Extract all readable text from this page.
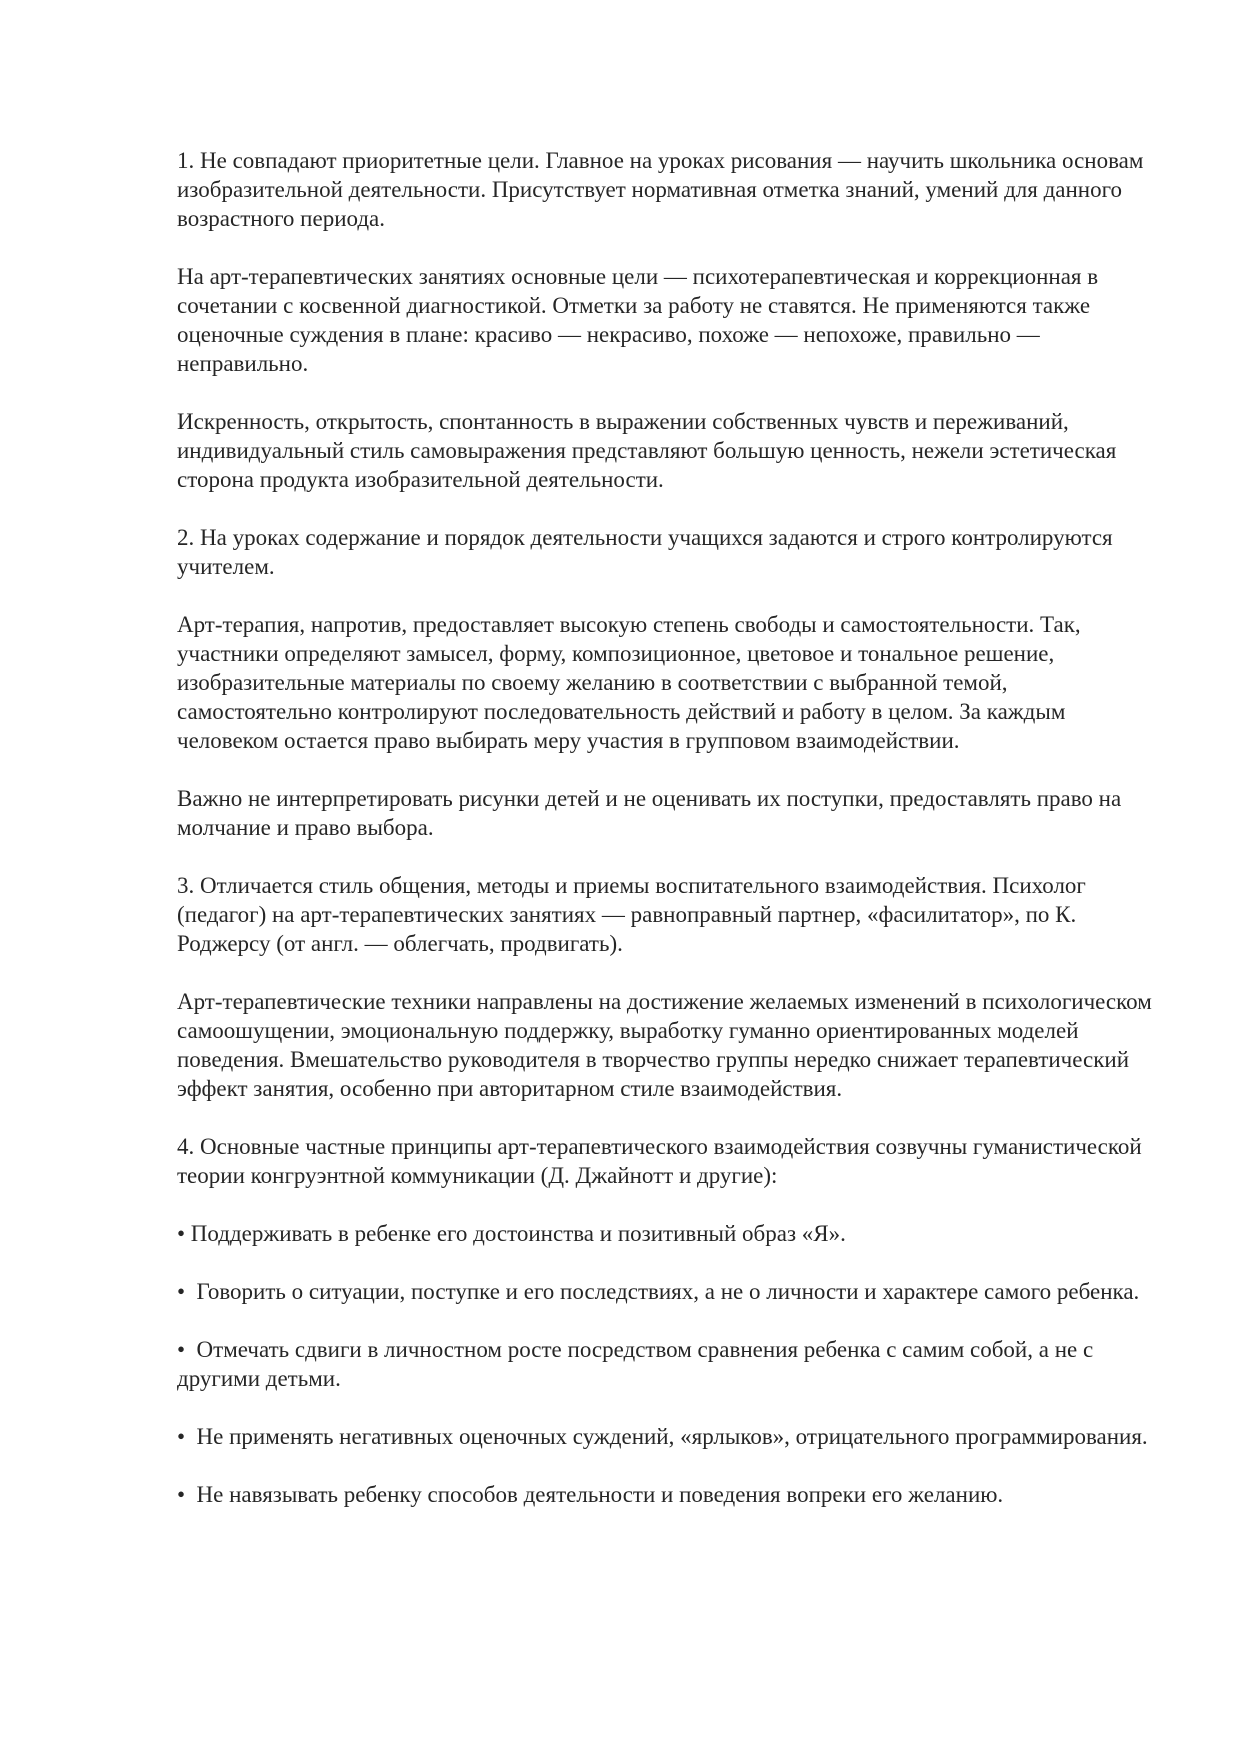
1. Не совпадают приоритетные цели. Главное на уроках рисования — научить школьника основам изобразительной деятельности. Присутствует нормативная отметка знаний, умений для данного возрастного периода.

На арт-терапевтических занятиях основные цели — психотерапевтическая и коррекционная в сочетании с косвенной диагностикой. Отметки за работу не ставятся. Не применяются также оценочные суждения в плане: красиво — некрасиво, похоже — непохоже, правильно — неправильно.

Искренность, открытость, спонтанность в выражении собственных чувств и переживаний, индивидуальный стиль самовыражения представляют большую ценность, нежели эстетическая сторона продукта изобразительной деятельности.

2. На уроках содержание и порядок деятельности учащихся задаются и строго контролируются учителем.

Арт-терапия, напротив, предоставляет высокую степень свободы и самостоятельности. Так, участники определяют замысел, форму, композиционное, цветовое и тональное решение, изобразительные материалы по своему желанию в соответствии с выбранной темой, самостоятельно контролируют последовательность действий и работу в целом. За каждым человеком остается право выбирать меру участия в групповом взаимодействии.

Важно не интерпретировать рисунки детей и не оценивать их поступки, предоставлять право на молчание и право выбора.

3. Отличается стиль общения, методы и приемы воспитательного взаимодействия. Психолог (педагог) на арт-терапевтических занятиях — равноправный партнер, «фасилитатор», по К. Роджерсу (от англ. — облегчать, продвигать).

Арт-терапевтические техники направлены на достижение желаемых изменений в психологическом самоошущении, эмоциональную поддержку, выработку гуманно ориентированных моделей поведения. Вмешательство руководителя в творчество группы нередко снижает терапевтический эффект занятия, особенно при авторитарном стиле взаимодействия.

4. Основные частные принципы арт-терапевтического взаимодействия созвучны гуманистической теории конгруэнтной коммуникации (Д. Джайнотт и другие):

• Поддерживать в ребенке его достоинства и позитивный образ «Я».

•  Говорить о ситуации, поступке и его последствиях, а не о личности и характере самого ребенка.

•  Отмечать сдвиги в личностном росте посредством сравнения ребенка с самим собой, а не с другими детьми.

•  Не применять негативных оценочных суждений, «ярлыков», отрицательного программирования.

•  Не навязывать ребенку способов деятельности и поведения вопреки его желанию.
